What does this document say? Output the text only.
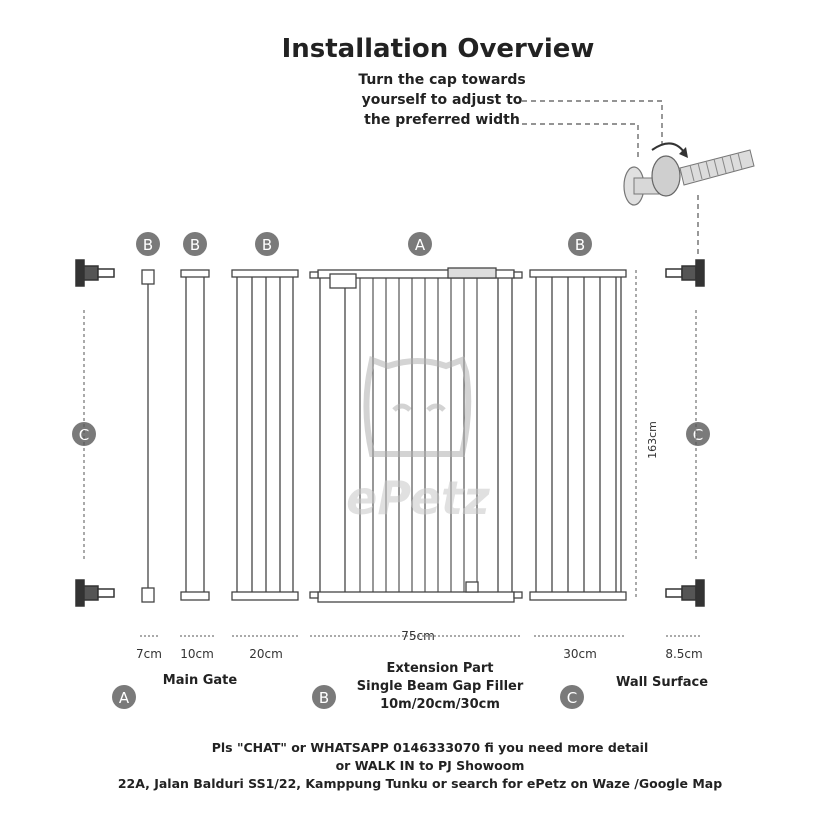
Installation Overview
Turn the cap towards
yourself to adjust to
the preferred width
B B	B	A	B
C	C
A	B	C
163cm
7cm 10cm	20cm
75cm
30cm	8.5cm
ePetz
Main Gate
Extension Part
Single Beam Gap Filler
10m/20cm/30cm
Wall Surface
Pls "CHAT" or WHATSAPP 0146333070 fi you need more detail
or WALK IN to PJ Showoom
22A, Jalan Balduri SS1/22, Kamppung Tunku or search for ePetz on Waze /Google Map
